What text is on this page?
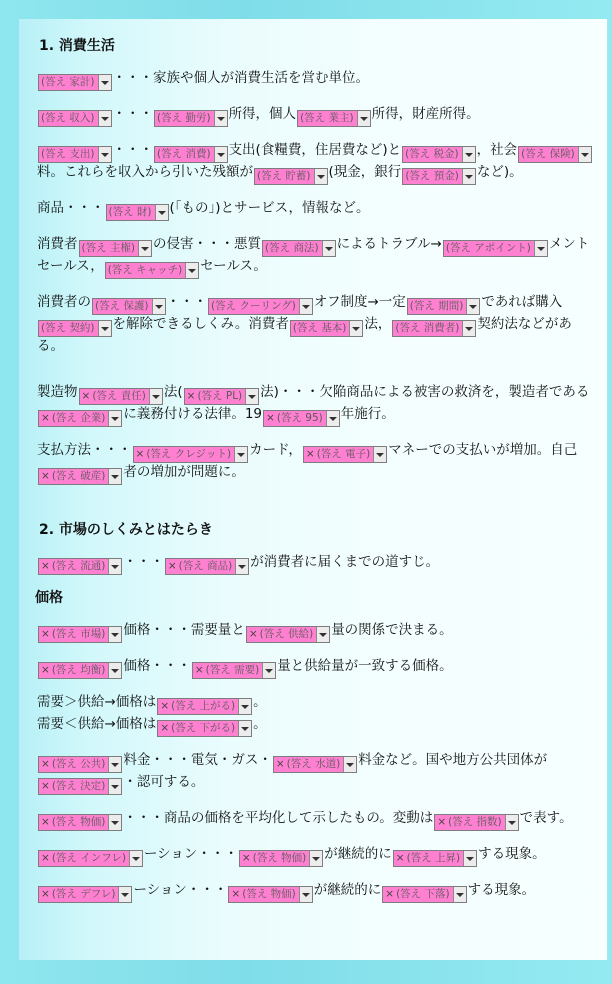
1. 消費生活
(答え 家計) ・・・家族や個人が消費生活を営む単位。
(答え 収入) ・・・ (答え 勤労) 所得，個人 (答え 業主) 所得，財産所得。
(答え 支出) ・・・ (答え 消費) 支出(食糧費，住居費など)と (答え 税金) ，社会 (答え 保険)
料。これらを収入から引いた残額が (答え 貯蓄) (現金，銀行 (答え 預金) など)。
商品・・・ (答え 財) (「もの」)とサービス，情報など。
消費者 (答え 主権) の侵害・・・悪質 (答え 商法) によるトラブル→ (答え アポイント) メントセールス， (答え キャッチ) セールス。
消費者の (答え 保護) ・・・ (答え クーリング) オフ制度→一定 (答え 期間) であれば購入
(答え 契約) を解除できるしくみ。消費者 (答え 基本) 法， (答え 消費者) 契約法などがある。
製造物 × (答え 責任) 法( × (答え PL) 法)・・・欠陥商品による被害の救済を，製造者である
× (答え 企業) に義務付ける法律。19 × (答え 95) 年施行。
支払方法・・・ × (答え クレジット) カード， × (答え 電子) マネーでの支払いが増加。自己
× (答え 破産) 者の増加が問題に。
2. 市場のしくみとはたらき
× (答え 流通) ・・・ × (答え 商品) が消費者に届くまでの道すじ。
価格
× (答え 市場) 価格・・・需要量と × (答え 供給) 量の関係で決まる。
× (答え 均衡) 価格・・・ × (答え 需要) 量と供給量が一致する価格。
需要＞供給→価格は × (答え 上がる) 。
需要＜供給→価格は × (答え 下がる) 。
× (答え 公共) 料金・・・電気・ガス・ × (答え 水道) 料金など。国や地方公共団体が
× (答え 決定) ・認可する。
× (答え 物価) ・・・商品の価格を平均化して示したもの。変動は × (答え 指数) で表す。
× (答え インフレ) ーション・・・ × (答え 物価) が継続的に × (答え 上昇) する現象。
× (答え デフレ) ーション・・・ × (答え 物価) が継続的に × (答え 下落) する現象。
